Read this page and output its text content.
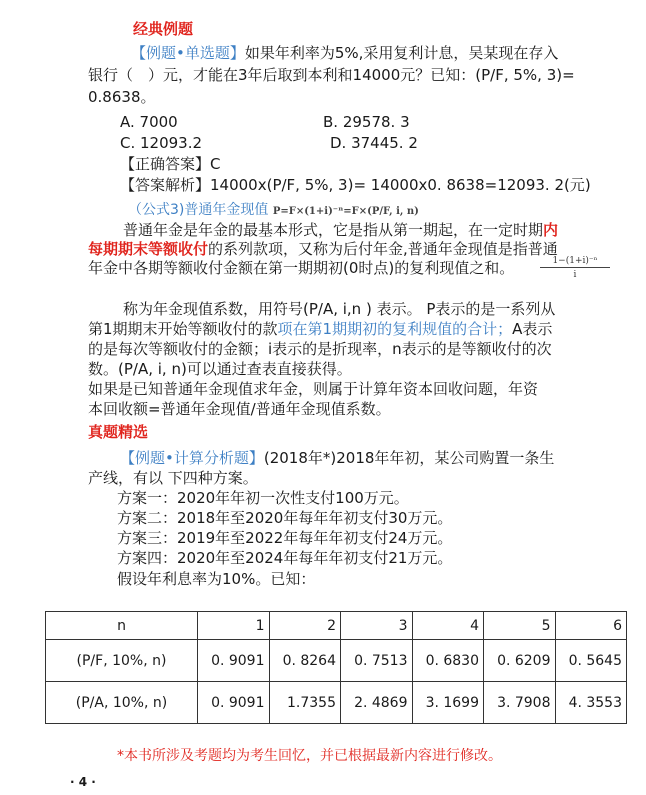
经典例题
【例题•单选题】如果年利率为5%,采用复利计息，吴某现在存入
银行（　）元，才能在3年后取到本利和14000元？已知：(P/F, 5%, 3)=
0.8638。
A. 7000	B. 29578. 3
C. 12093.2	D. 37445. 2
【正确答案】C
【答案解析】14000x(P/F, 5%, 3)= 14000x0. 8638=12093. 2(元)
（公式3)普通年金现值 P=F×(1+i)⁻ⁿ=F×(P/F, i, n)
普通年金是年金的最基本形式，它是指从第一期起，在一定时期内
每期期末等额收付的系列款项，又称为后付年金,普通年金现值是指普通
年金中各期等额收付金额在第一期期初(0时点)的复利现值之和。	$\frac{\text{1−(1+i)⁻ⁿ}}{i}$
称为年金现值系数，用符号(P/A, i,n ) 表示。 P表示的是一系列从
第1期期末开始等额收付的款项在第1期期初的复利规值的合计；A表示
的是每次等额收付的金额；i表示的是折现率，n表示的是等额收付的次
数。(P/A, i, n)可以通过查表直接获得。
如果是已知普通年金现值求年金，则属于计算年资本回收问题，年资
本回收额=普通年金现值/普通年金现值系数。
真题精选
【例题•计算分析题】(2018年*)2018年年初，某公司购置一条生
产线，有以 下四种方案。
方案一：2020年年初一次性支付100万元。
方案二：2018年至2020年每年年初支付30万元。
方案三：2019年至2022年每年年初支付24万元。
方案四：2020年至2024年每年年初支付21万元。
假设年利息率为10%。已知：
n	1	2	3	4	5	6
(P/F, 10%, n)	0. 9091	0. 8264	0. 7513	0. 6830	0. 6209	0. 5645
(P/A, 10%, n)	0. 9091	1.7355	2. 4869	3. 1699	3. 7908	4. 3553
*本书所涉及考题均为考生回忆，并已根据最新内容进行修改。
· 4 ·
